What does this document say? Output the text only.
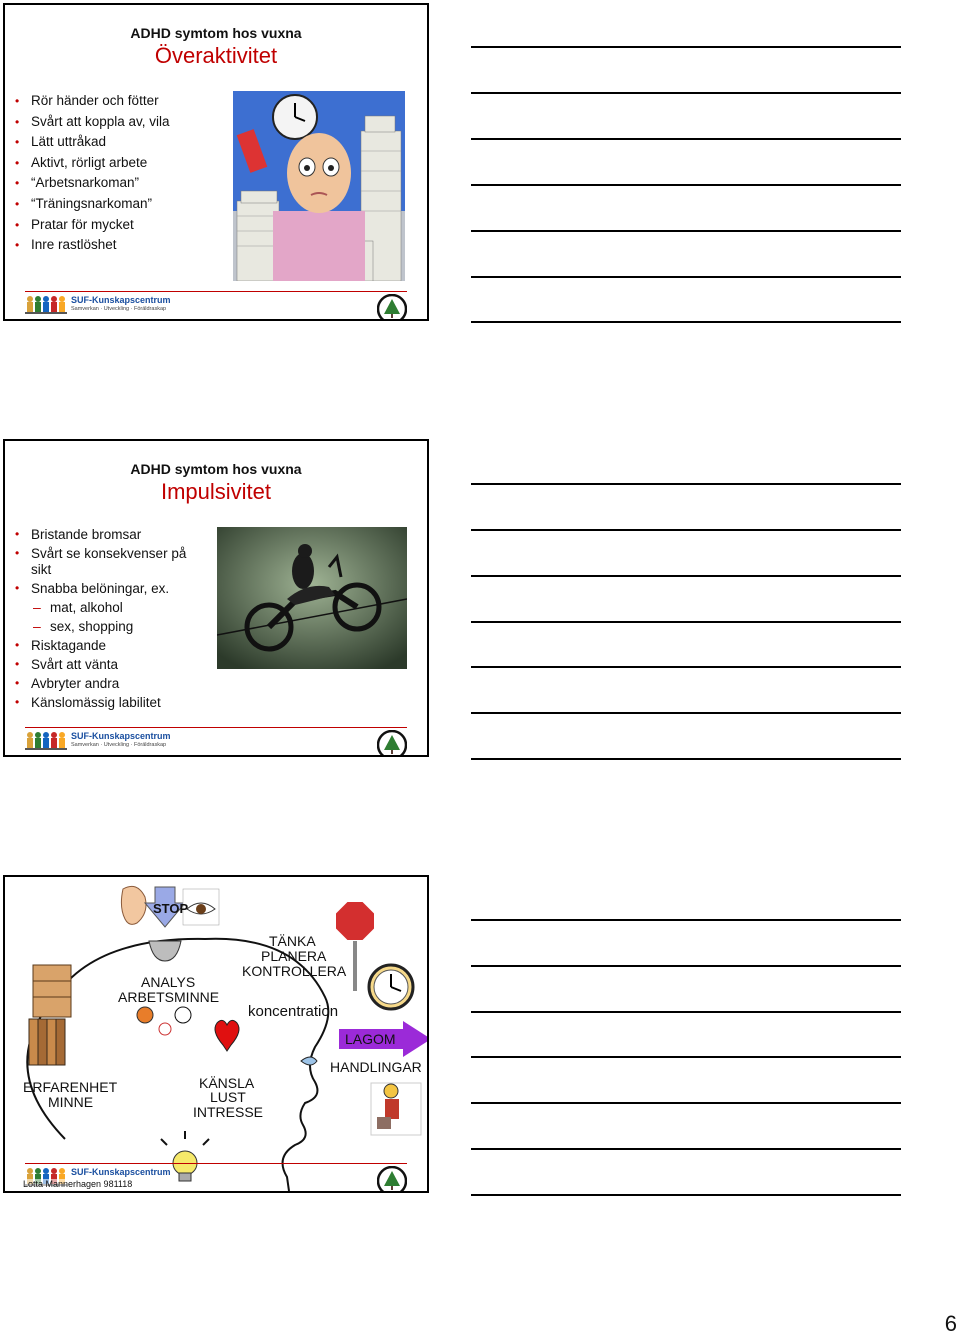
ADHD symtom hos vuxna
Överaktivitet
• Rör händer och fötter
• Svårt att koppla av, vila
• Lätt uttråkad
• Aktivt, rörligt arbete
• “Arbetsnarkoman”
• “Träningsnarkoman”
• Pratar för mycket
• Inre rastlöshet
SUF-Kunskapscentrum
Samverkan · Utveckling · Föräldraskap
ADHD symtom hos vuxna
Impulsivitet
• Bristande bromsar
• Svårt se konsekvenser på sikt
• Snabba belöningar, ex.
– mat, alkohol
– sex, shopping
• Risktagande
• Svårt att vänta
• Avbryter andra
• Känslomässig labilitet
SUF-Kunskapscentrum
Samverkan · Utveckling · Föräldraskap
STOP
ANALYS
ARBETSMINNE
TÄNKA
PLANERA
KONTROLLERA
koncentration
LAGOM
HANDLINGAR
ERFARENHET
MINNE
KÄNSLA
LUST
INTRESSE
SUF-Kunskapscentrum
Lotta Mannerhagen 981118
6
